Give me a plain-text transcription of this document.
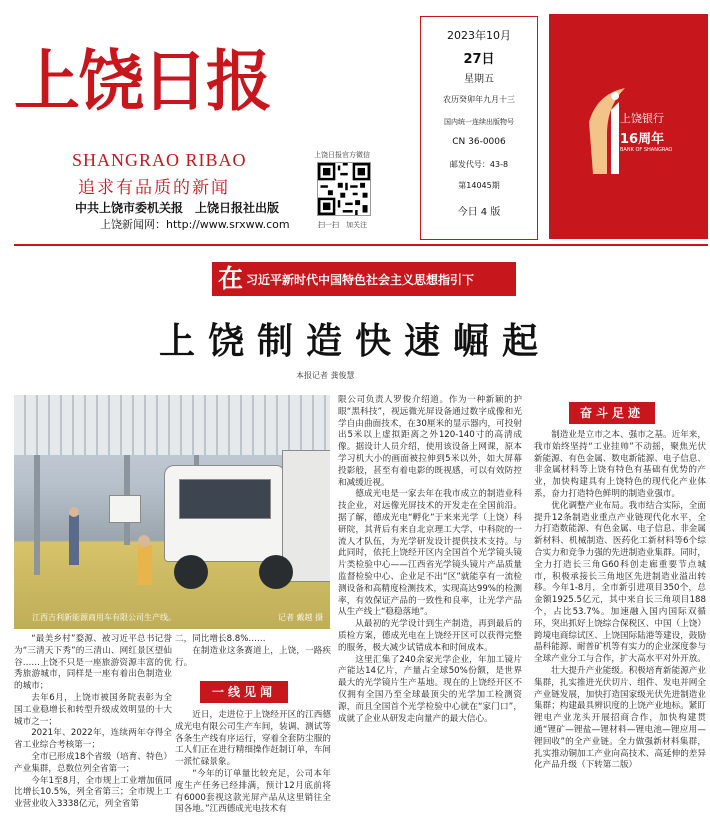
上饶日报
SHANGRAO RIBAO
追求有品质的新闻
中共上饶市委机关报　上饶日报社出版
上饶新闻网：http://www.srxww.com
上饶日报官方微信
扫一扫　加关注
2023年10月
27日
星期五
农历癸卯年九月十三
国内统一连续出版物号
CN 36-0006
邮发代号：43-8
第14045期
今日 4 版
上饶银行
16周年
BANK OF SHANGRAO
在 习近平新时代中国特色社会主义思想指引下
上饶制造快速崛起
本报记者 龚俊慧
江西吉利新能源商用车有限公司生产线。	记者 戴越 摄

“最美乡村”婺源、被习近平总书记誉为“三清天下秀”的三清山、网红景区望仙谷……上饶不只是一座旅游资源丰富的优秀旅游城市，同样是一座有着出色制造业的城市；

去年6月，上饶市被国务院表彰为全国工业稳增长和转型升级成效明显的十大城市之一；

2021年、2022年，连续两年夺得全省工业综合考核第一；

全市已形成18个省级（培育、特色）产业集群，总数位列全省第一；

今年1至8月，全市规上工业增加值同比增长10.5%，列全省第三；全市规上工业营业收入3338亿元，列全省第

二，同比增长8.8%……

在制造业这条赛道上，上饶，一路疾行。

一线见闻

近日，走进位于上饶经开区的江西德成光电有限公司生产车间，装调、测试等各条生产线有序运行，穿着全套防尘服的工人们正在进行精细操作赶制订单，车间一派忙碌景象。

“今年的订单量比较充足，公司本年度生产任务已经排满，预计12月底前将有6000套视这款光屏产品从这里销往全国各地。”江西德成光电技术有

限公司负责人罗俊介绍道。作为一种新颖的护眼“黑科技”，视远微光屏设备通过数字成像和光学自由曲面技术，在30厘米的显示器内，可投射出5米以上虚拟距离之外120-140寸的高清成像。据设计人员介绍，使用该设备上网课，原本学习机大小的画面被拉伸到5米以外，如大屏幕投影般，甚至有着电影的既视感，可以有效防控和减缓近视。

德成光电是一家去年在我市成立的制造业科技企业，对远像光屏技术的开发走在全国前沿。据了解，德成光电“孵化”于来来光学（上饶）科研院，其背后有来自北京理工大学、中科院的一流人才队伍，为光学研发设计提供技术支持。与此同时，依托上饶经开区内全国首个光学镜头镜片类检验中心——江西省光学镜头镜片产品质量监督检验中心、企业足不出“区”就能享有一流检测设备和高精度检测技术，实现高达99%的检测率，有效保证产品的一致性和良率，让光学产品从生产线上“稳稳落地”。

从最初的光学设计到生产制造，再到最后的质检方案，德成光电在上饶经开区可以获得完整的服务，极大减少试错成本和时间成本。

这里汇集了240余家光学企业，年加工镜片产能达14亿片，产量占全球50%份额，是世界最大的光学镜片生产基地。现在的上饶经开区不仅拥有全国乃至全球最顶尖的光学加工检测资源，而且全国首个光学检验中心就在“家门口”，成就了企业从研发走向量产的最大信心。

奋斗足迹

制造业是立市之本、强市之基。近年来，我市始终坚持“工业挂帅”不动摇，聚焦光伏新能源、有色金属、数电新能源、电子信息、非金属材料等上饶有特色有基础有优势的产业，加快构建具有上饶特色的现代化产业体系，奋力打造特色鲜明的制造业强市。

优化调整产业布局。我市结合实际，全面提升12条制造业重点产业链现代化水平，全力打造数能源、有色金属、电子信息、非金属新材料、机械制造、医药化工新材料等6个综合实力和竞争力强的先进制造业集群。同时，全力打造长三角G60科创走廊重要节点城市，积极承接长三角地区先进制造业溢出转移。今年1-8月，全市新引进项目350个，总金额1925.5亿元，其中来自长三角项目188个，占比53.7%。加速融入国内国际双循环，突出抓好上饶综合保税区、中国（上饶）跨境电商综试区、上饶国际陆港等建设，鼓励晶科能源、耐普矿机等有实力的企业深度参与全球产业分工与合作，扩大高水平对外开放。

壮大提升产业能级。积极培育新能源产业集群，扎实推进光伏切片、组件、发电并网全产业链发展，加快打造国家级光伏先进制造业集群；构建最具辨识度的上饶产业地标。紧盯锂电产业龙头开展招商合作，加快构建贯通“锂矿—锂盐—锂材料—锂电池—锂应用—锂回收”的全产业链。全力做强新材料集群，扎实推动铜加工产业向高技术、高延伸的差异化产品升级（下转第二版）
